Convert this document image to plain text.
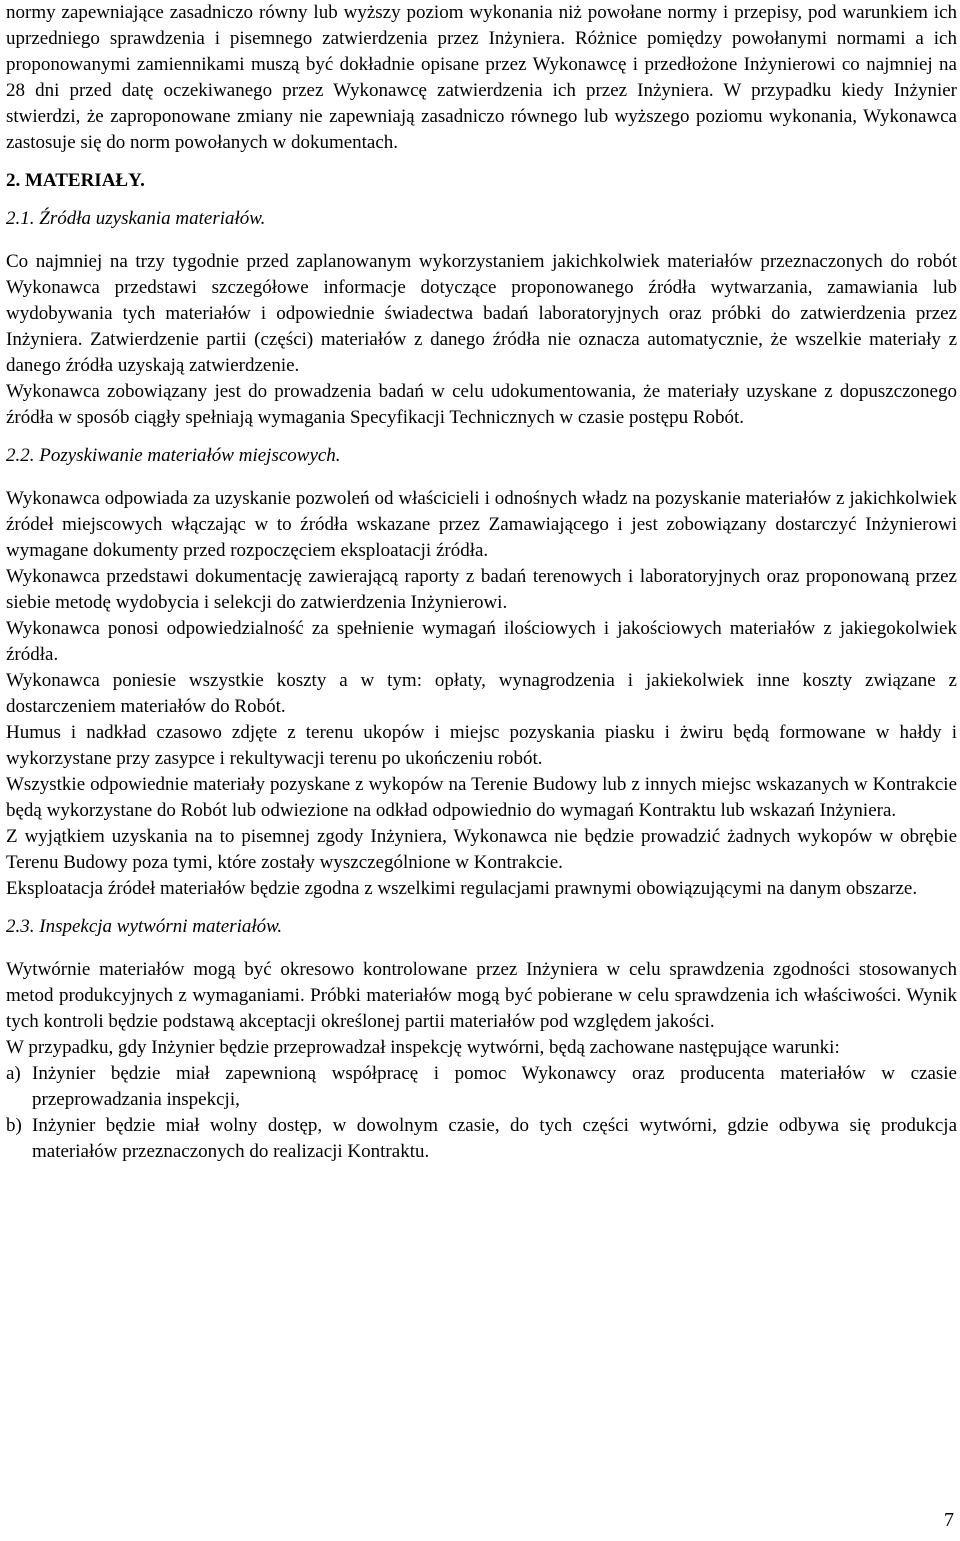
normy zapewniające zasadniczo równy lub wyższy poziom wykonania niż powołane normy i przepisy, pod warunkiem ich uprzedniego sprawdzenia i pisemnego zatwierdzenia przez Inżyniera. Różnice pomiędzy powołanymi normami a ich proponowanymi zamiennikami muszą być dokładnie opisane przez Wykonawcę i przedłożone Inżynierowi co najmniej na 28 dni przed datę oczekiwanego przez Wykonawcę zatwierdzenia ich przez Inżyniera. W przypadku kiedy Inżynier stwierdzi, że zaproponowane zmiany nie zapewniają zasadniczo równego lub wyższego poziomu wykonania, Wykonawca zastosuje się do norm powołanych w dokumentach.

2. MATERIAŁY.
2.1. Źródła uzyskania materiałów.

Co najmniej na trzy tygodnie przed zaplanowanym wykorzystaniem jakichkolwiek materiałów przeznaczonych do robót Wykonawca przedstawi szczegółowe informacje dotyczące proponowanego źródła wytwarzania, zamawiania lub wydobywania tych materiałów i odpowiednie świadectwa badań laboratoryjnych oraz próbki do zatwierdzenia przez Inżyniera. Zatwierdzenie partii (części) materiałów z danego źródła nie oznacza automatycznie, że wszelkie materiały z danego źródła uzyskają zatwierdzenie.

Wykonawca zobowiązany jest do prowadzenia badań w celu udokumentowania, że materiały uzyskane z dopuszczonego źródła w sposób ciągły spełniają wymagania Specyfikacji Technicznych w czasie postępu Robót.

2.2. Pozyskiwanie materiałów miejscowych.

Wykonawca odpowiada za uzyskanie pozwoleń od właścicieli i odnośnych władz na pozyskanie materiałów z jakichkolwiek źródeł miejscowych włączając w to źródła wskazane przez Zamawiającego i jest zobowiązany dostarczyć Inżynierowi wymagane dokumenty przed rozpoczęciem eksploatacji źródła.

Wykonawca przedstawi dokumentację zawierającą raporty z badań terenowych i laboratoryjnych oraz proponowaną przez siebie metodę wydobycia i selekcji do zatwierdzenia Inżynierowi.

Wykonawca ponosi odpowiedzialność za spełnienie wymagań ilościowych i jakościowych materiałów z jakiegokolwiek źródła.

Wykonawca poniesie wszystkie koszty a w tym: opłaty, wynagrodzenia i jakiekolwiek inne koszty związane z dostarczeniem materiałów do Robót.

Humus i nadkład czasowo zdjęte z terenu ukopów i miejsc pozyskania piasku i żwiru będą formowane w hałdy i wykorzystane przy zasypce i rekultywacji terenu po ukończeniu robót.

Wszystkie odpowiednie materiały pozyskane z wykopów na Terenie Budowy lub z innych miejsc wskazanych w Kontrakcie będą wykorzystane do Robót lub odwiezione na odkład odpowiednio do wymagań Kontraktu lub wskazań Inżyniera.

Z wyjątkiem uzyskania na to pisemnej zgody Inżyniera, Wykonawca nie będzie prowadzić żadnych wykopów w obrębie Terenu Budowy poza tymi, które zostały wyszczególnione w Kontrakcie.

Eksploatacja źródeł materiałów będzie zgodna z wszelkimi regulacjami prawnymi obowiązującymi na danym obszarze.

2.3. Inspekcja wytwórni materiałów.

Wytwórnie materiałów mogą być okresowo kontrolowane przez Inżyniera w celu sprawdzenia zgodności stosowanych metod produkcyjnych z wymaganiami. Próbki materiałów mogą być pobierane w celu sprawdzenia ich właściwości. Wynik tych kontroli będzie podstawą akceptacji określonej partii materiałów pod względem jakości.

W przypadku, gdy Inżynier będzie przeprowadzał inspekcję wytwórni, będą zachowane następujące warunki:

a) Inżynier będzie miał zapewnioną współpracę i pomoc Wykonawcy oraz producenta materiałów w czasie przeprowadzania inspekcji,
b) Inżynier będzie miał wolny dostęp, w dowolnym czasie, do tych części wytwórni, gdzie odbywa się produkcja materiałów przeznaczonych do realizacji Kontraktu.
7
